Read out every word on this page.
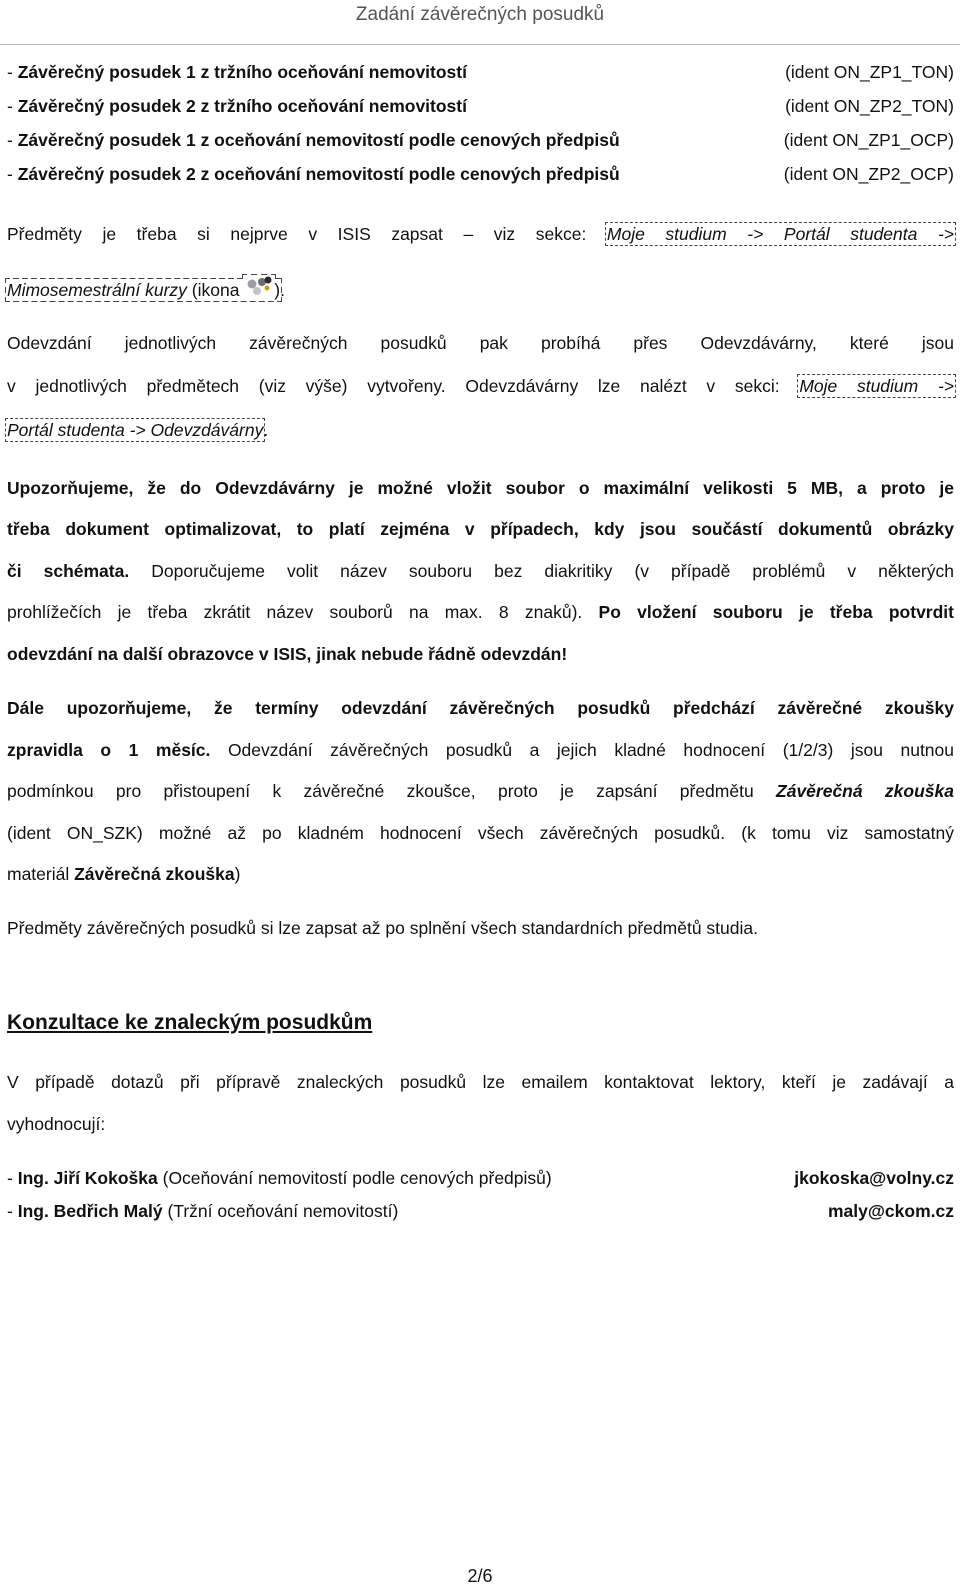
Zadání závěrečných posudků
- Závěrečný posudek 1 z tržního oceňování nemovitostí	(ident ON_ZP1_TON)
- Závěrečný posudek 2 z tržního oceňování nemovitostí	(ident ON_ZP2_TON)
- Závěrečný posudek 1 z oceňování nemovitostí podle cenových předpisů	(ident ON_ZP1_OCP)
- Závěrečný posudek 2 z oceňování nemovitostí podle cenových předpisů	(ident ON_ZP2_OCP)
Předměty je třeba si nejprve v ISIS zapsat – viz sekce: Moje studium -> Portál studenta ->
Mimosemestrální kurzy (ikona ).
Odevzdání jednotlivých závěrečných posudků pak probíhá přes Odevzdávárny, které jsou
v jednotlivých předmětech (viz výše) vytvořeny. Odevzdávárny lze nalézt v sekci: Moje studium ->
Portál studenta -> Odevzdávárny.
Upozorňujeme, že do Odevzdávárny je možné vložit soubor o maximální velikosti 5 MB, a proto je
třeba dokument optimalizovat, to platí zejména v případech, kdy jsou součástí dokumentů obrázky
či schémata. Doporučujeme volit název souboru bez diakritiky (v případě problémů v některých
prohlížečích je třeba zkrátit název souborů na max. 8 znaků). Po vložení souboru je třeba potvrdit
odevzdání na další obrazovce v ISIS, jinak nebude řádně odevzdán!
Dále upozorňujeme, že termíny odevzdání závěrečných posudků předchází závěrečné zkoušky
zpravidla o 1 měsíc. Odevzdání závěrečných posudků a jejich kladné hodnocení (1/2/3) jsou nutnou
podmínkou pro přistoupení k závěrečné zkoušce, proto je zapsání předmětu Závěrečná zkouška
(ident ON_SZK) možné až po kladném hodnocení všech závěrečných posudků. (k tomu viz samostatný
materiál Závěrečná zkouška)
Předměty závěrečných posudků si lze zapsat až po splnění všech standardních předmětů studia.
Konzultace ke znaleckým posudkům
V případě dotazů při přípravě znaleckých posudků lze emailem kontaktovat lektory, kteří je zadávají a
vyhodnocují:
- Ing. Jiří Kokoška (Oceňování nemovitostí podle cenových předpisů)	jkokoska@volny.cz
- Ing. Bedřich Malý (Tržní oceňování nemovitostí)	maly@ckom.cz
2/6
